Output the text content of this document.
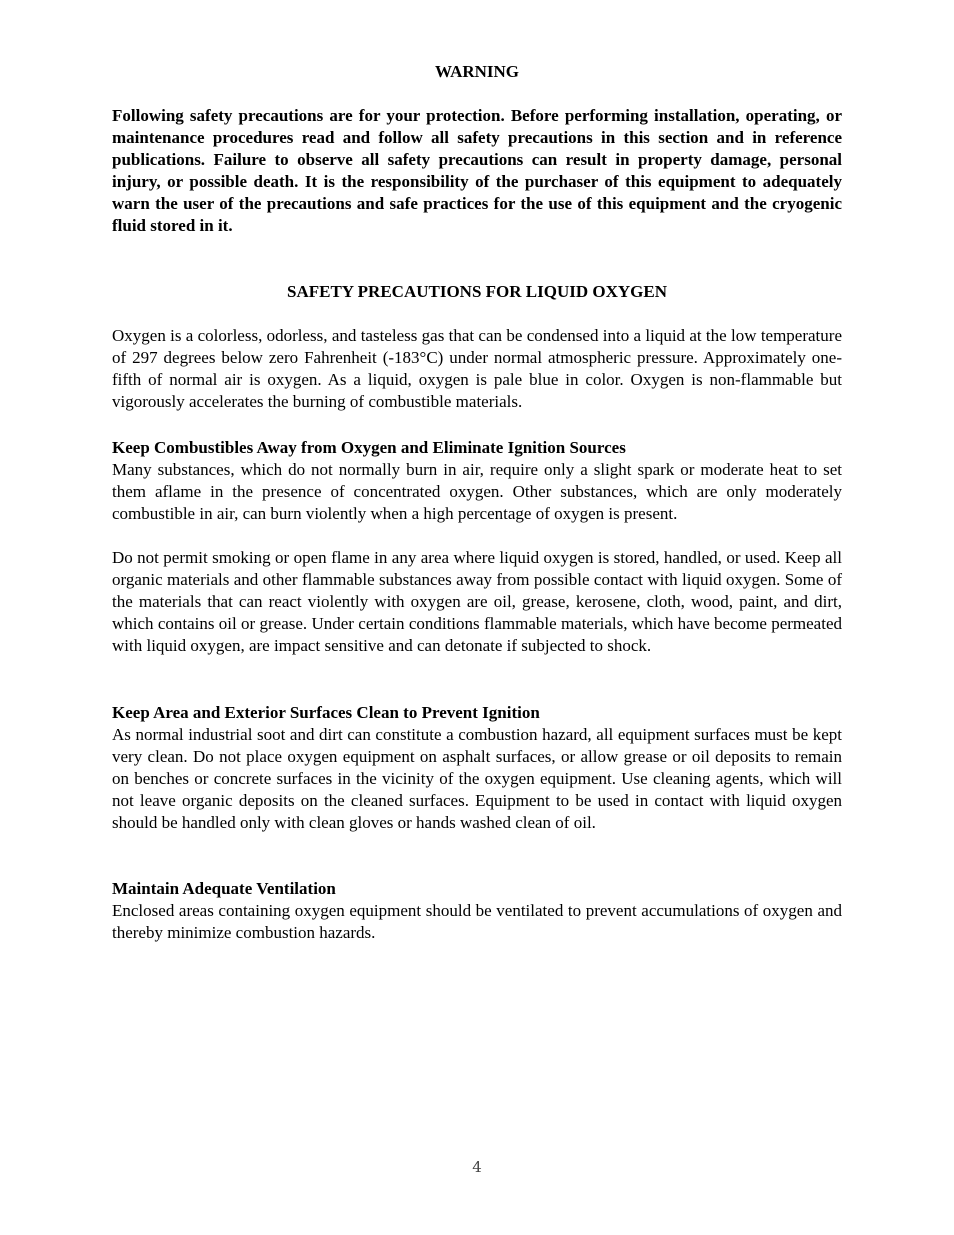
WARNING

Following safety precautions are for your protection. Before performing installation, operating, or maintenance procedures read and follow all safety precautions in this section and in reference publications. Failure to observe all safety precautions can result in property damage, personal injury, or possible death. It is the responsibility of the purchaser of this equipment to adequately warn the user of the precautions and safe practices for the use of this equipment and the cryogenic fluid stored in it.

SAFETY PRECAUTIONS FOR LIQUID OXYGEN

Oxygen is a colorless, odorless, and tasteless gas that can be condensed into a liquid at the low temperature of 297 degrees below zero Fahrenheit (-183°C) under normal atmospheric pressure. Approximately one-fifth of normal air is oxygen. As a liquid, oxygen is pale blue in color. Oxygen is non-flammable but vigorously accelerates the burning of combustible materials.

Keep Combustibles Away from Oxygen and Eliminate Ignition Sources
Many substances, which do not normally burn in air, require only a slight spark or moderate heat to set them aflame in the presence of concentrated oxygen. Other substances, which are only moderately combustible in air, can burn violently when a high percentage of oxygen is present.

Do not permit smoking or open flame in any area where liquid oxygen is stored, handled, or used. Keep all organic materials and other flammable substances away from possible contact with liquid oxygen. Some of the materials that can react violently with oxygen are oil, grease, kerosene, cloth, wood, paint, and dirt, which contains oil or grease. Under certain conditions flammable materials, which have become permeated with liquid oxygen, are impact sensitive and can detonate if subjected to shock.

Keep Area and Exterior Surfaces Clean to Prevent Ignition
As normal industrial soot and dirt can constitute a combustion hazard, all equipment surfaces must be kept very clean. Do not place oxygen equipment on asphalt surfaces, or allow grease or oil deposits to remain on benches or concrete surfaces in the vicinity of the oxygen equipment. Use cleaning agents, which will not leave organic deposits on the cleaned surfaces. Equipment to be used in contact with liquid oxygen should be handled only with clean gloves or hands washed clean of oil.
Maintain Adequate Ventilation
Enclosed areas containing oxygen equipment should be ventilated to prevent accumulations of oxygen and thereby minimize combustion hazards.
4
